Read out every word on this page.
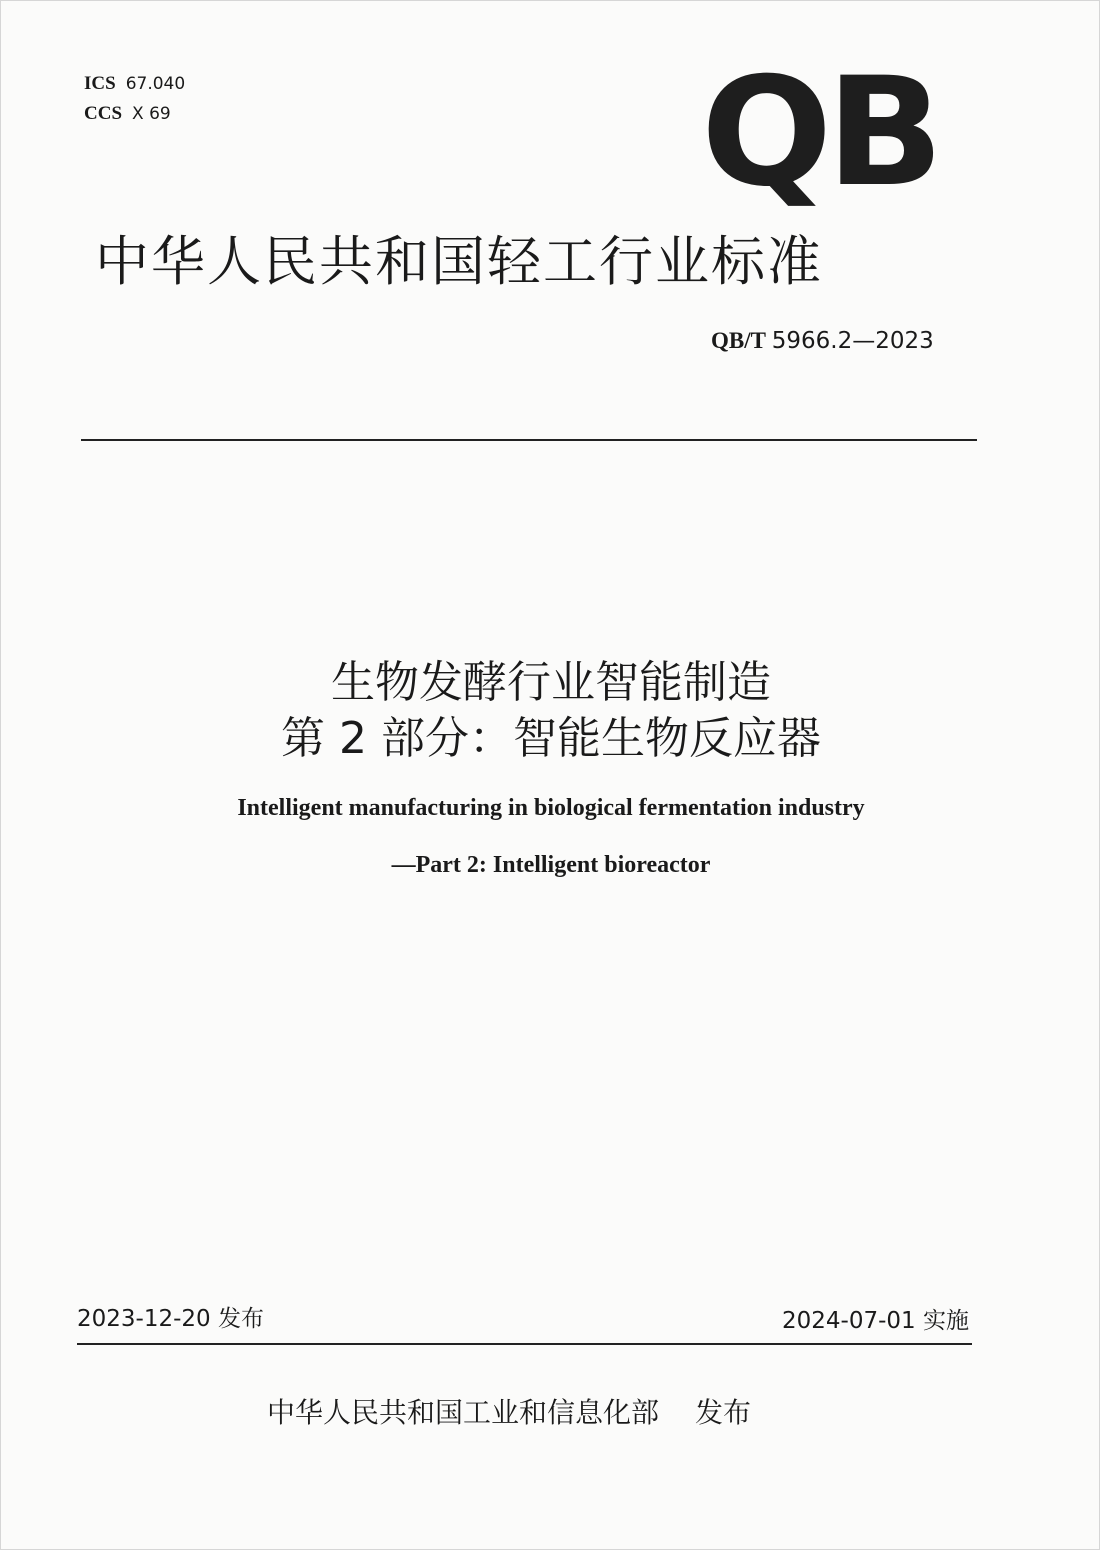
ICS 67.040
CCS X 69	QB
中华人民共和国轻工行业标准
QB/T 5966.2—2023
生物发酵行业智能制造
第 2 部分：智能生物反应器
Intelligent manufacturing in biological fermentation industry
—Part 2: Intelligent bioreactor
2023-12-20 发布	2024-07-01 实施
中华人民共和国工业和信息化部 发布
